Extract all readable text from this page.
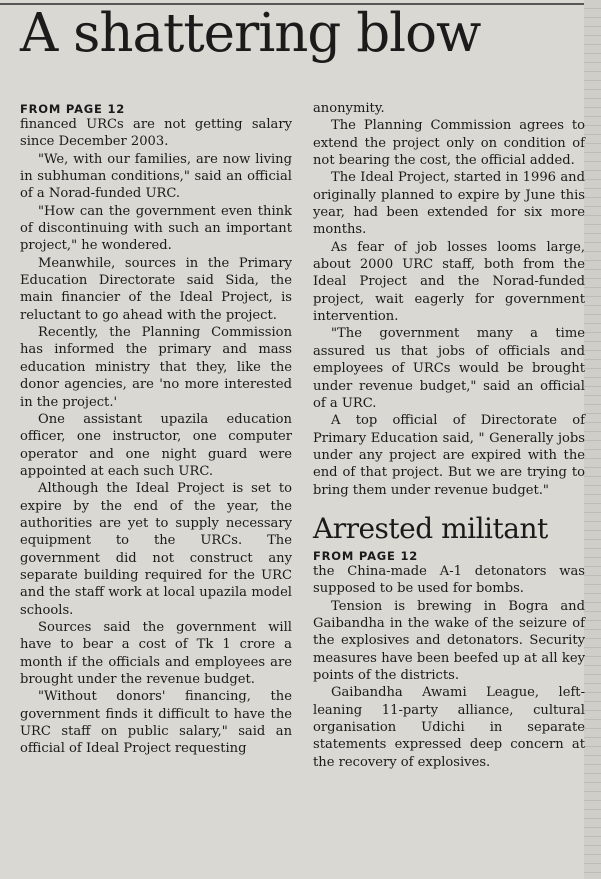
A shattering blow

FROM PAGE 12

financed URCs are not getting salary since December 2003.

"We, with our families, are now living in subhuman conditions," said an official of a Norad-funded URC.

"How can the government even think of discontinuing with such an important project," he wondered.

Meanwhile, sources in the Primary Education Directorate said Sida, the main financier of the Ideal Project, is reluctant to go ahead with the project.

Recently, the Planning Commission has informed the primary and mass education ministry that they, like the donor agencies, are 'no more interested in the project.'

One assistant upazila education officer, one instructor, one computer operator and one night guard were appointed at each such URC.

Although the Ideal Project is set to expire by the end of the year, the authorities are yet to supply necessary equipment to the URCs. The government did not construct any separate building required for the URC and the staff work at local upazila model schools.

Sources said the government will have to bear a cost of Tk 1 crore a month if the officials and employees are brought under the revenue budget.

"Without donors' financing, the government finds it difficult to have the URC staff on public salary," said an official of Ideal Project requesting

anonymity.

The Planning Commission agrees to extend the project only on condition of not bearing the cost, the official added.

The Ideal Project, started in 1996 and originally planned to expire by June this year, had been extended for six more months.

As fear of job losses looms large, about 2000 URC staff, both from the Ideal Project and the Norad-funded project, wait eagerly for government intervention.

"The government many a time assured us that jobs of officials and employees of URCs would be brought under revenue budget," said an official of a URC.

A top official of Directorate of Primary Education said, " Generally jobs under any project are expired with the end of that project. But we are trying to bring them under revenue budget."

Arrested militant

FROM PAGE 12

the China-made A-1 detonators was supposed to be used for bombs.

Tension is brewing in Bogra and Gaibandha in the wake of the seizure of the explosives and detonators. Security measures have been beefed up at all key points of the districts.

Gaibandha Awami League, left-leaning 11-party alliance, cultural organisation Udichi in separate statements expressed deep concern at the recovery of explosives.
